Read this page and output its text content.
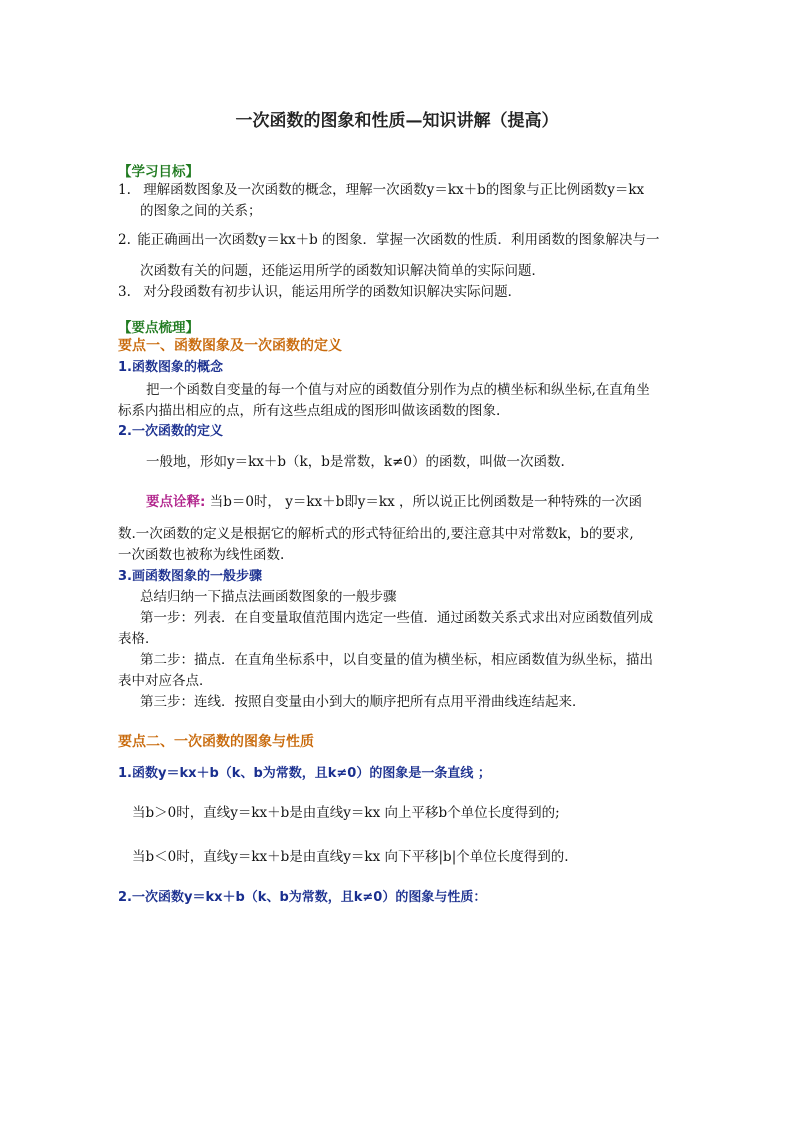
一次函数的图象和性质—知识讲解（提高）
【学习目标】
1. 理解函数图象及一次函数的概念，理解一次函数y＝kx＋b的图象与正比例函数y＝kx
的图象之间的关系；
2. 能正确画出一次函数y＝kx＋b 的图象．掌握一次函数的性质．利用函数的图象解决与一
次函数有关的问题，还能运用所学的函数知识解决简单的实际问题．
3. 对分段函数有初步认识，能运用所学的函数知识解决实际问题．
【要点梳理】
要点一、函数图象及一次函数的定义
1.函数图象的概念
把一个函数自变量的每一个值与对应的函数值分别作为点的横坐标和纵坐标,在直角坐
标系内描出相应的点，所有这些点组成的图形叫做该函数的图象.
2.一次函数的定义
一般地，形如y＝kx＋b（k，b是常数，k≠0）的函数，叫做一次函数.
要点诠释: 当b＝0时， y＝kx＋b即y＝kx ，所以说正比例函数是一种特殊的一次函
数.一次函数的定义是根据它的解析式的形式特征给出的,要注意其中对常数k，b的要求,
一次函数也被称为线性函数.
3.画函数图象的一般步骤
总结归纳一下描点法画函数图象的一般步骤
第一步：列表．在自变量取值范围内选定一些值．通过函数关系式求出对应函数值列成
表格．
第二步：描点．在直角坐标系中，以自变量的值为横坐标，相应函数值为纵坐标，描出
表中对应各点．
第三步：连线．按照自变量由小到大的顺序把所有点用平滑曲线连结起来．
要点二、一次函数的图象与性质
1.函数y＝kx＋b（k、b为常数，且k≠0）的图象是一条直线 ；
当b＞0时，直线y＝kx＋b是由直线y＝kx 向上平移b个单位长度得到的;
当b＜0时，直线y＝kx＋b是由直线y＝kx 向下平移|b|个单位长度得到的.
2.一次函数y＝kx＋b（k、b为常数，且k≠0）的图象与性质：
